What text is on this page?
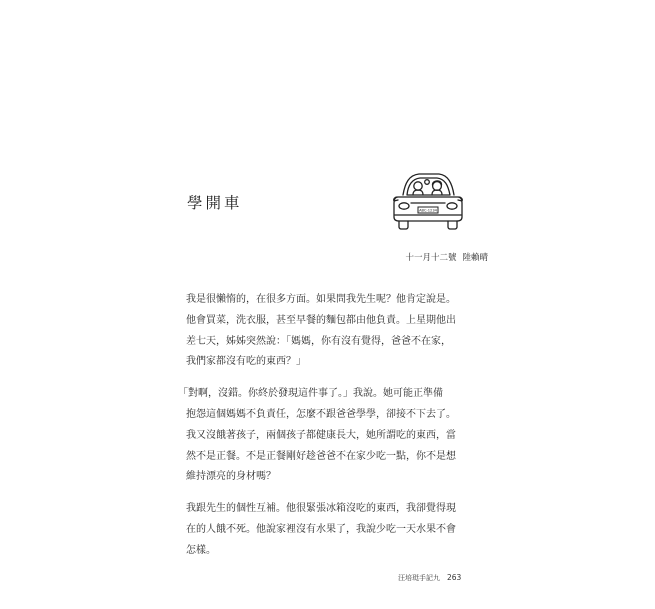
學開車	ABC-1234
十一月十二號 陸賴晴
我是很懶惰的，在很多方面。如果問我先生呢？他肯定說是。
他會買菜，洗衣服，甚至早餐的麵包都由他負責。上星期他出
差七天，姊姊突然說：「媽媽，你有沒有覺得，爸爸不在家，
我們家都沒有吃的東西？」
「對啊，沒錯。你終於發現這件事了。」我說。她可能正準備
抱怨這個媽媽不負責任，怎麼不跟爸爸學學，卻接不下去了。
我又沒餓著孩子，兩個孩子都健康長大，她所謂吃的東西，當
然不是正餐。不是正餐剛好趁爸爸不在家少吃一點，你不是想
維持漂亮的身材嗎？
我跟先生的個性互補。他很緊張冰箱沒吃的東西，我卻覺得現
在的人餓不死。他說家裡沒有水果了，我說少吃一天水果不會
怎樣。
汪培珽手記九 263
